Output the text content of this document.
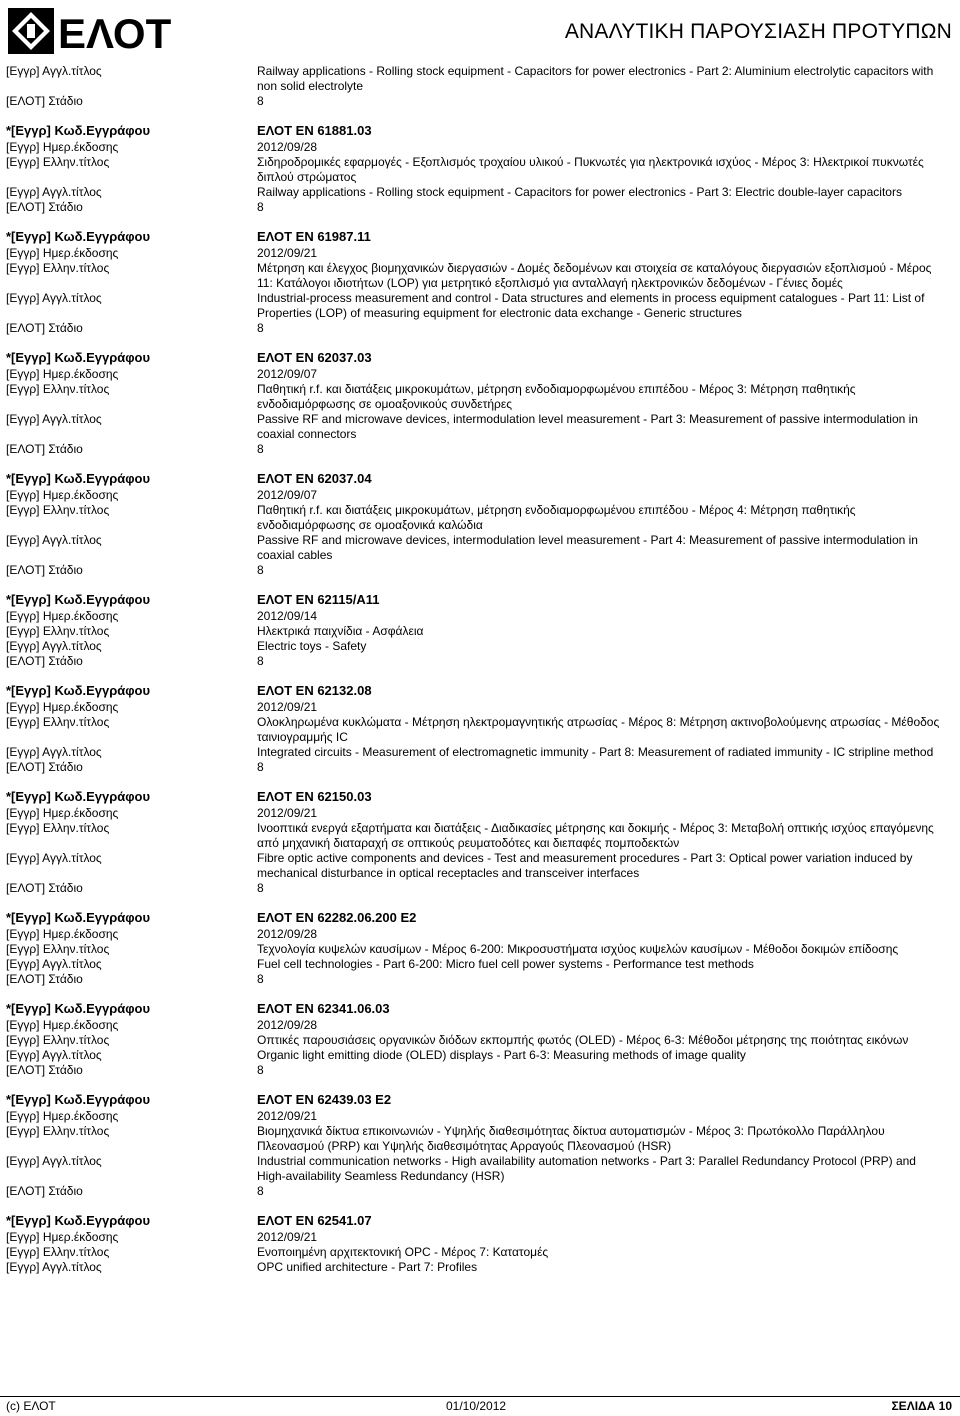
ΕΛΟΤ	ΑΝΑΛΥΤΙΚΗ ΠΑΡΟΥΣΙΑΣΗ ΠΡΟΤΥΠΩΝ
[Εγγρ] Αγγλ.τίτλος	Railway applications - Rolling stock equipment - Capacitors for power electronics - Part 2: Aluminium electrolytic capacitors with non solid electrolyte
[ΕΛΟΤ] Στάδιο	8
*[Εγγρ] Κωδ.Εγγράφου	ΕΛΟΤ EN 61881.03
[Εγγρ] Ημερ.έκδοσης	2012/09/28
[Εγγρ] Ελλην.τίτλος	Σιδηροδρομικές εφαρμογές - Εξοπλισμός τροχαίου υλικού - Πυκνωτές για ηλεκτρονικά ισχύος - Μέρος 3: Ηλεκτρικοί πυκνωτές διπλού στρώματος
[Εγγρ] Αγγλ.τίτλος	Railway applications - Rolling stock equipment - Capacitors for power electronics - Part 3: Electric double-layer capacitors
[ΕΛΟΤ] Στάδιο	8
*[Εγγρ] Κωδ.Εγγράφου	ΕΛΟΤ EN 61987.11
[Εγγρ] Ημερ.έκδοσης	2012/09/21
[Εγγρ] Ελλην.τίτλος	Μέτρηση και έλεγχος βιομηχανικών διεργασιών - Δομές δεδομένων και στοιχεία σε καταλόγους διεργασιών εξοπλισμού - Μέρος 11: Κατάλογοι ιδιοτήτων (LOP) για μετρητικό εξοπλισμό για ανταλλαγή ηλεκτρονικών δεδομένων - Γένιες δομές
[Εγγρ] Αγγλ.τίτλος	Industrial-process measurement and control - Data structures and elements in process equipment catalogues - Part 11: List of Properties (LOP) of measuring equipment for electronic data exchange - Generic structures
[ΕΛΟΤ] Στάδιο	8
*[Εγγρ] Κωδ.Εγγράφου	ΕΛΟΤ EN 62037.03
[Εγγρ] Ημερ.έκδοσης	2012/09/07
[Εγγρ] Ελλην.τίτλος	Παθητική r.f. και διατάξεις μικροκυμάτων, μέτρηση ενδοδιαμορφωμένου επιπέδου - Μέρος 3: Μέτρηση παθητικής ενδοδιαμόρφωσης σε ομοαξονικούς συνδετήρες
[Εγγρ] Αγγλ.τίτλος	Passive RF and microwave devices, intermodulation level measurement - Part 3: Measurement of passive intermodulation in coaxial connectors
[ΕΛΟΤ] Στάδιο	8
*[Εγγρ] Κωδ.Εγγράφου	ΕΛΟΤ EN 62037.04
[Εγγρ] Ημερ.έκδοσης	2012/09/07
[Εγγρ] Ελλην.τίτλος	Παθητική r.f. και διατάξεις μικροκυμάτων, μέτρηση ενδοδιαμορφωμένου επιπέδου - Μέρος 4: Μέτρηση παθητικής ενδοδιαμόρφωσης σε ομοαξονικά καλώδια
[Εγγρ] Αγγλ.τίτλος	Passive RF and microwave devices, intermodulation level measurement - Part 4: Measurement of passive intermodulation in coaxial cables
[ΕΛΟΤ] Στάδιο	8
*[Εγγρ] Κωδ.Εγγράφου	ΕΛΟΤ EN 62115/A11
[Εγγρ] Ημερ.έκδοσης	2012/09/14
[Εγγρ] Ελλην.τίτλος	Ηλεκτρικά παιχνίδια - Ασφάλεια
[Εγγρ] Αγγλ.τίτλος	Electric toys - Safety
[ΕΛΟΤ] Στάδιο	8
*[Εγγρ] Κωδ.Εγγράφου	ΕΛΟΤ EN 62132.08
[Εγγρ] Ημερ.έκδοσης	2012/09/21
[Εγγρ] Ελλην.τίτλος	Ολοκληρωμένα κυκλώματα - Μέτρηση ηλεκτρομαγνητικής ατρωσίας - Μέρος 8: Μέτρηση ακτινοβολούμενης ατρωσίας - Μέθοδος ταινιογραμμής IC
[Εγγρ] Αγγλ.τίτλος	Integrated circuits - Measurement of electromagnetic immunity - Part 8: Measurement of radiated immunity - IC stripline method
[ΕΛΟΤ] Στάδιο	8
*[Εγγρ] Κωδ.Εγγράφου	ΕΛΟΤ EN 62150.03
[Εγγρ] Ημερ.έκδοσης	2012/09/21
[Εγγρ] Ελλην.τίτλος	Ινοοπτικά ενεργά εξαρτήματα και διατάξεις - Διαδικασίες μέτρησης και δοκιμής - Μέρος 3: Μεταβολή οπτικής ισχύος επαγόμενης από μηχανική διαταραχή σε οπτικούς ρευματοδότες και διεπαφές πομποδεκτών
[Εγγρ] Αγγλ.τίτλος	Fibre optic active components and devices - Test and measurement procedures - Part 3: Optical power variation induced by mechanical disturbance in optical receptacles and transceiver interfaces
[ΕΛΟΤ] Στάδιο	8
*[Εγγρ] Κωδ.Εγγράφου	ΕΛΟΤ EN 62282.06.200 E2
[Εγγρ] Ημερ.έκδοσης	2012/09/28
[Εγγρ] Ελλην.τίτλος	Τεχνολογία κυψελών καυσίμων - Μέρος 6-200: Μικροσυστήματα ισχύος κυψελών καυσίμων - Μέθοδοι δοκιμών επίδοσης
[Εγγρ] Αγγλ.τίτλος	Fuel cell technologies - Part 6-200: Micro fuel cell power systems - Performance test methods
[ΕΛΟΤ] Στάδιο	8
*[Εγγρ] Κωδ.Εγγράφου	ΕΛΟΤ EN 62341.06.03
[Εγγρ] Ημερ.έκδοσης	2012/09/28
[Εγγρ] Ελλην.τίτλος	Οπτικές παρουσιάσεις οργανικών διόδων εκπομπής φωτός (OLED) - Μέρος 6-3: Μέθοδοι μέτρησης της ποιότητας εικόνων
[Εγγρ] Αγγλ.τίτλος	Organic light emitting diode (OLED) displays - Part 6-3: Measuring methods of image quality
[ΕΛΟΤ] Στάδιο	8
*[Εγγρ] Κωδ.Εγγράφου	ΕΛΟΤ EN 62439.03 E2
[Εγγρ] Ημερ.έκδοσης	2012/09/21
[Εγγρ] Ελλην.τίτλος	Βιομηχανικά δίκτυα επικοινωνιών - Υψηλής διαθεσιμότητας δίκτυα αυτοματισμών - Μέρος 3: Πρωτόκολλο Παράλληλου Πλεονασμού (PRP) και Υψηλής διαθεσιμότητας Αρραγούς Πλεονασμού (HSR)
[Εγγρ] Αγγλ.τίτλος	Industrial communication networks - High availability automation networks - Part 3: Parallel Redundancy Protocol (PRP) and High-availability Seamless Redundancy (HSR)
[ΕΛΟΤ] Στάδιο	8
*[Εγγρ] Κωδ.Εγγράφου	ΕΛΟΤ EN 62541.07
[Εγγρ] Ημερ.έκδοσης	2012/09/21
[Εγγρ] Ελλην.τίτλος	Ενοποιημένη αρχιτεκτονική OPC - Μέρος 7: Κατατομές
[Εγγρ] Αγγλ.τίτλος	OPC unified architecture - Part 7: Profiles
(c) ΕΛΟΤ	01/10/2012	ΣΕΛΙΔΑ 10
